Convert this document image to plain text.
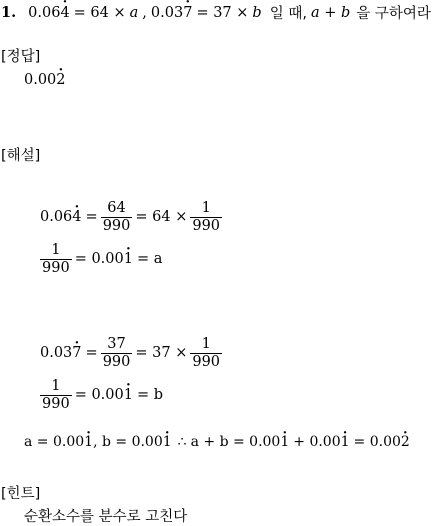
1. 0.064 · = 64 × a , 0.037 · = 37 × b 일 때, a + b 을 구하여라
[정답]
0.002 ·
[해설]
0.064 · = $\frac{64}{990} = 64 \times \frac{1}{990}$
$\frac{1}{990} = 0.001$ · = a
0.037 · = $\frac{37}{990} = 37 \times \frac{1}{990}$
$\frac{1}{990} = 0.001$ · = b
a = 0.001 · , b = 0.001 · ∴ a + b = 0.001 · + 0.001 · = 0.002 ·
[힌트]
순환소수를 분수로 고친다
